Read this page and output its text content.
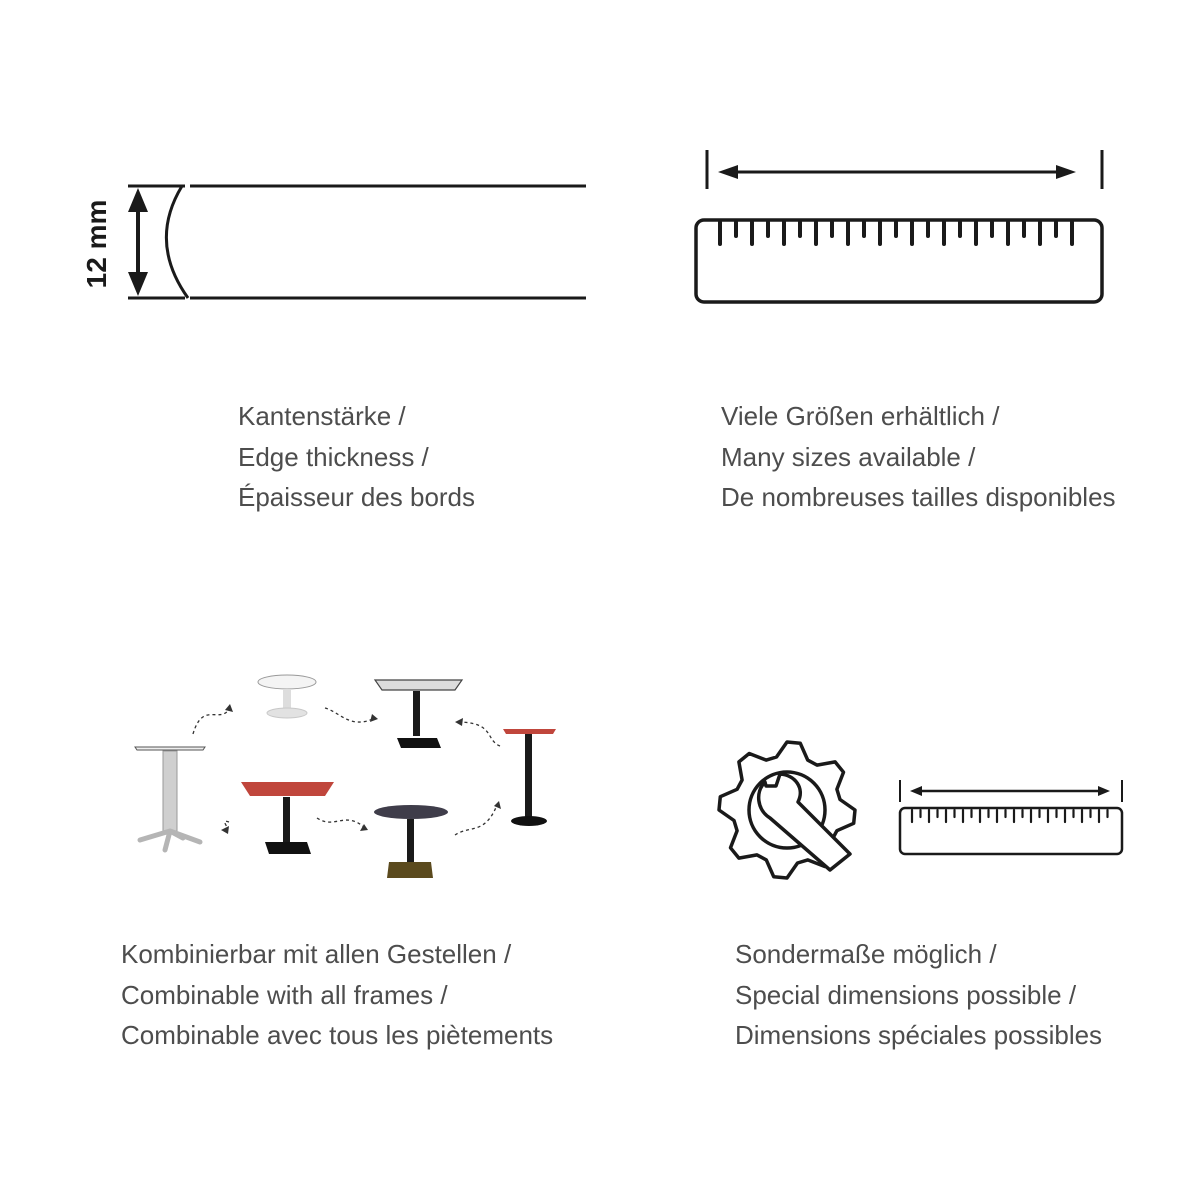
12 mm
Kantenstärke /
Edge thickness /
Épaisseur des bords
Viele Größen erhältlich /
Many sizes available /
De nombreuses tailles disponibles
Kombinierbar mit allen Gestellen /
Combinable with all frames /
Combinable avec tous les piètements
Sondermaße möglich /
Special dimensions possible /
Dimensions spéciales possibles
